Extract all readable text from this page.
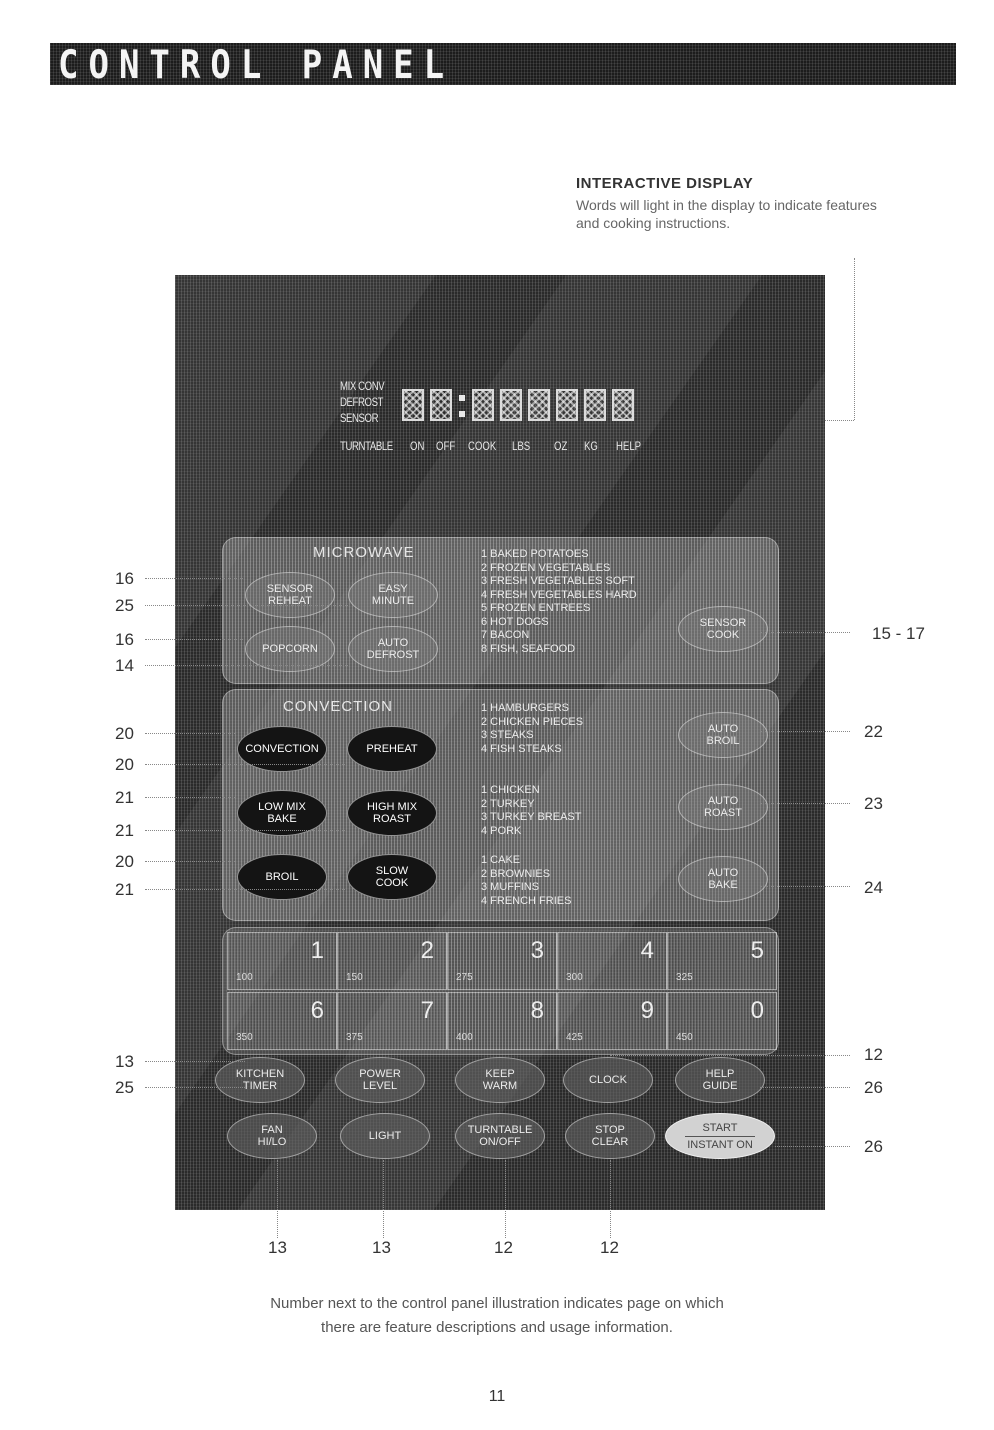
CONTROL PANEL
INTERACTIVE DISPLAY
Words will light in the display to indicate features and cooking instructions.
MIX CONV
DEFROST
SENSOR
TURNTABLE ON OFF COOK LBS OZ KG HELP
MICROWAVE
SENSOR
REHEAT
EASY
MINUTE
POPCORN	AUTO
DEFROST
1 BAKED POTATOES
2 FROZEN VEGETABLES
3 FRESH VEGETABLES SOFT
4 FRESH VEGETABLES HARD
5 FROZEN ENTREES
6 HOT DOGS
7 BACON
8 FISH, SEAFOOD
SENSOR
COOK
CONVECTION
CONVECTION	PREHEAT
LOW MIX
BAKE
HIGH MIX
ROAST
BROIL	SLOW
COOK
1 HAMBURGERS
2 CHICKEN PIECES
3 STEAKS
4 FISH STEAKS
1 CHICKEN
2 TURKEY
3 TURKEY BREAST
4 PORK
1 CAKE
2 BROWNIES
3 MUFFINS
4 FRENCH FRIES
AUTO
BROIL
AUTO
ROAST
AUTO
BAKE
1
100
2
150
3
275
4
300
5
325
6
350
7
375
8
400
9
425
0
450
KITCHEN
TIMER
POWER
LEVEL
KEEP
WARM	CLOCK	HELP
GUIDE
FAN
HI/LO	LIGHT	TURNTABLE
ON/OFF
STOP
CLEAR
START
INSTANT ON
16
25
16
14
20
20
21
21
20
21
13
25
15 - 17
22
23
24
12
26
26
13	13	12	12
Number next to the control panel illustration indicates page on which
there are feature descriptions and usage information.
11
